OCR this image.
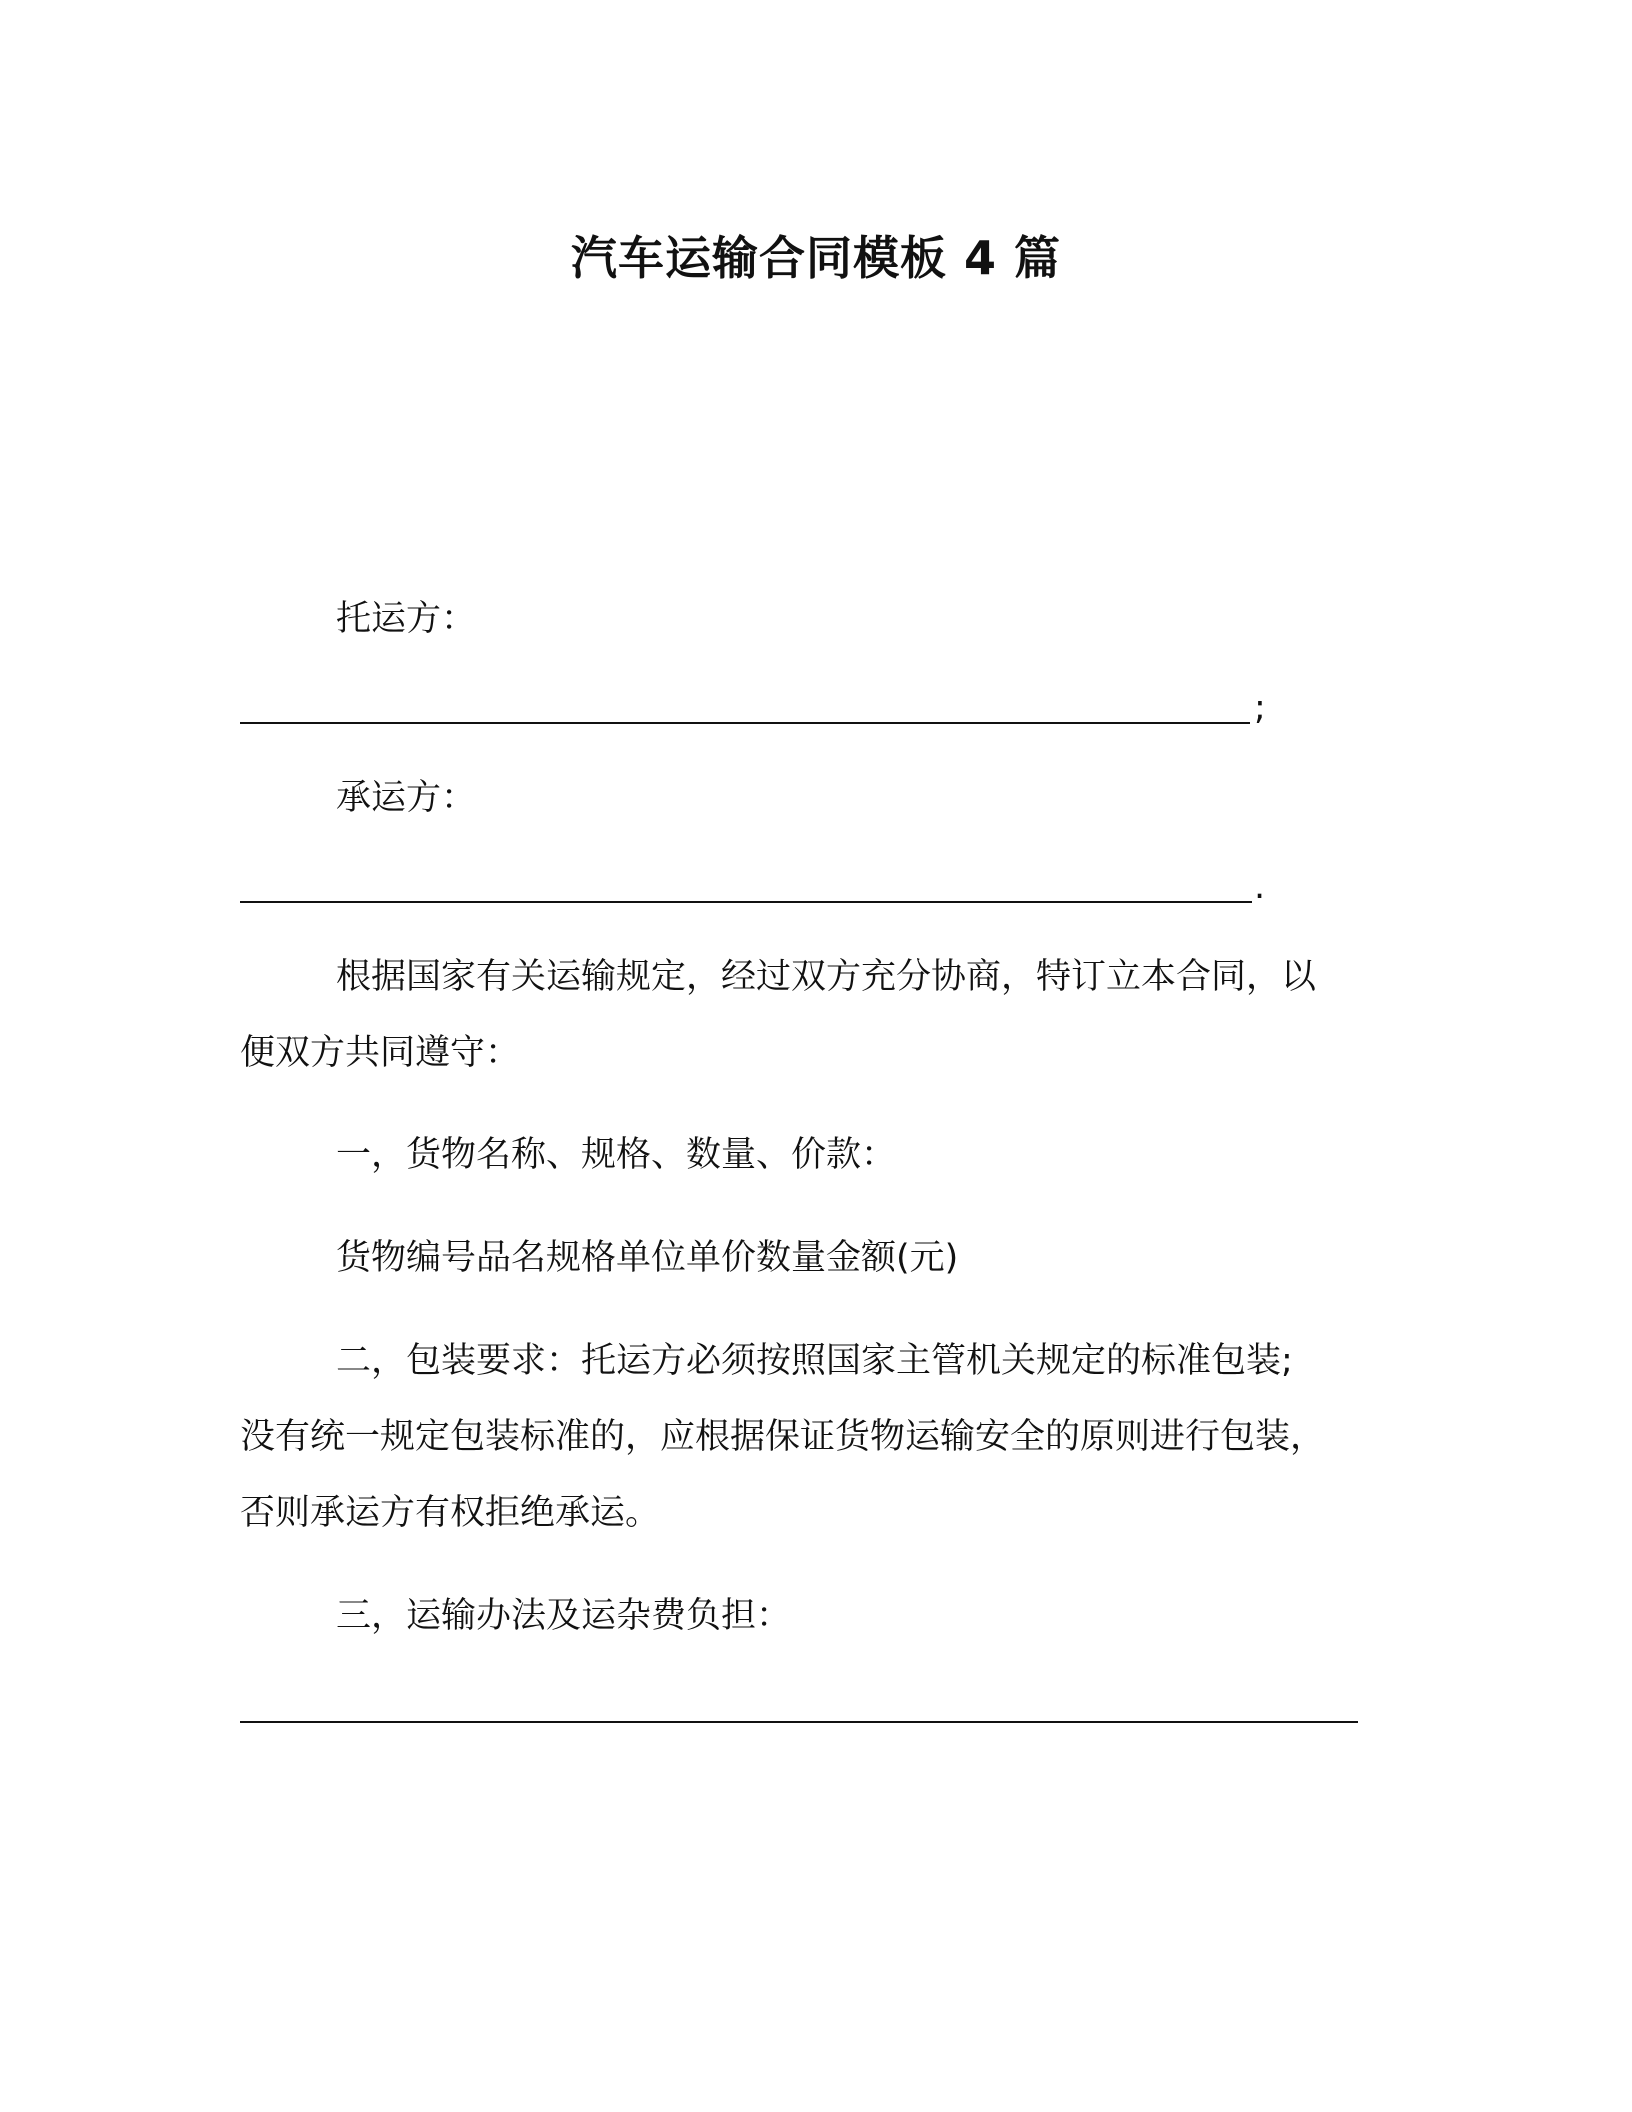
汽车运输合同模板 4 篇
托运方：
;
承运方：
.
根据国家有关运输规定，经过双方充分协商，特订立本合同，以
便双方共同遵守：
一，货物名称、规格、数量、价款：
货物编号品名规格单位单价数量金额(元)
二，包装要求：托运方必须按照国家主管机关规定的标准包装;
没有统一规定包装标准的，应根据保证货物运输安全的原则进行包装，
否则承运方有权拒绝承运。
三，运输办法及运杂费负担：
